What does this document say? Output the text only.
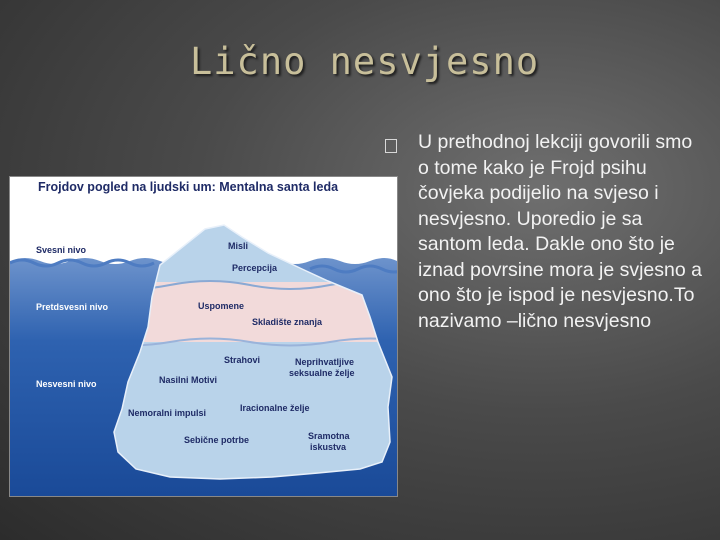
Lično nesvjesno
U prethodnoj lekciji govorili smo o tome kako je Frojd psihu čovjeka podijelio na svjeso i nesvjesno. Uporedio je sa santom leda. Dakle ono što je iznad povrsine mora je svjesno a ono što je ispod je nesvjesno.To nazivamo –lično nesvjesno
Frojdov pogled na ljudski um: Mentalna santa leda
Svesni nivo
Pretdsvesni nivo
Nesvesni nivo
Misli
Percepcija
Uspomene
Skladište znanja
Strahovi	Neprihvatljive
seksualne želje
Nasilni Motivi
Nemoralni impulsi	Iracionalne želje
Sebične potrbe	Sramotna
iskustva
